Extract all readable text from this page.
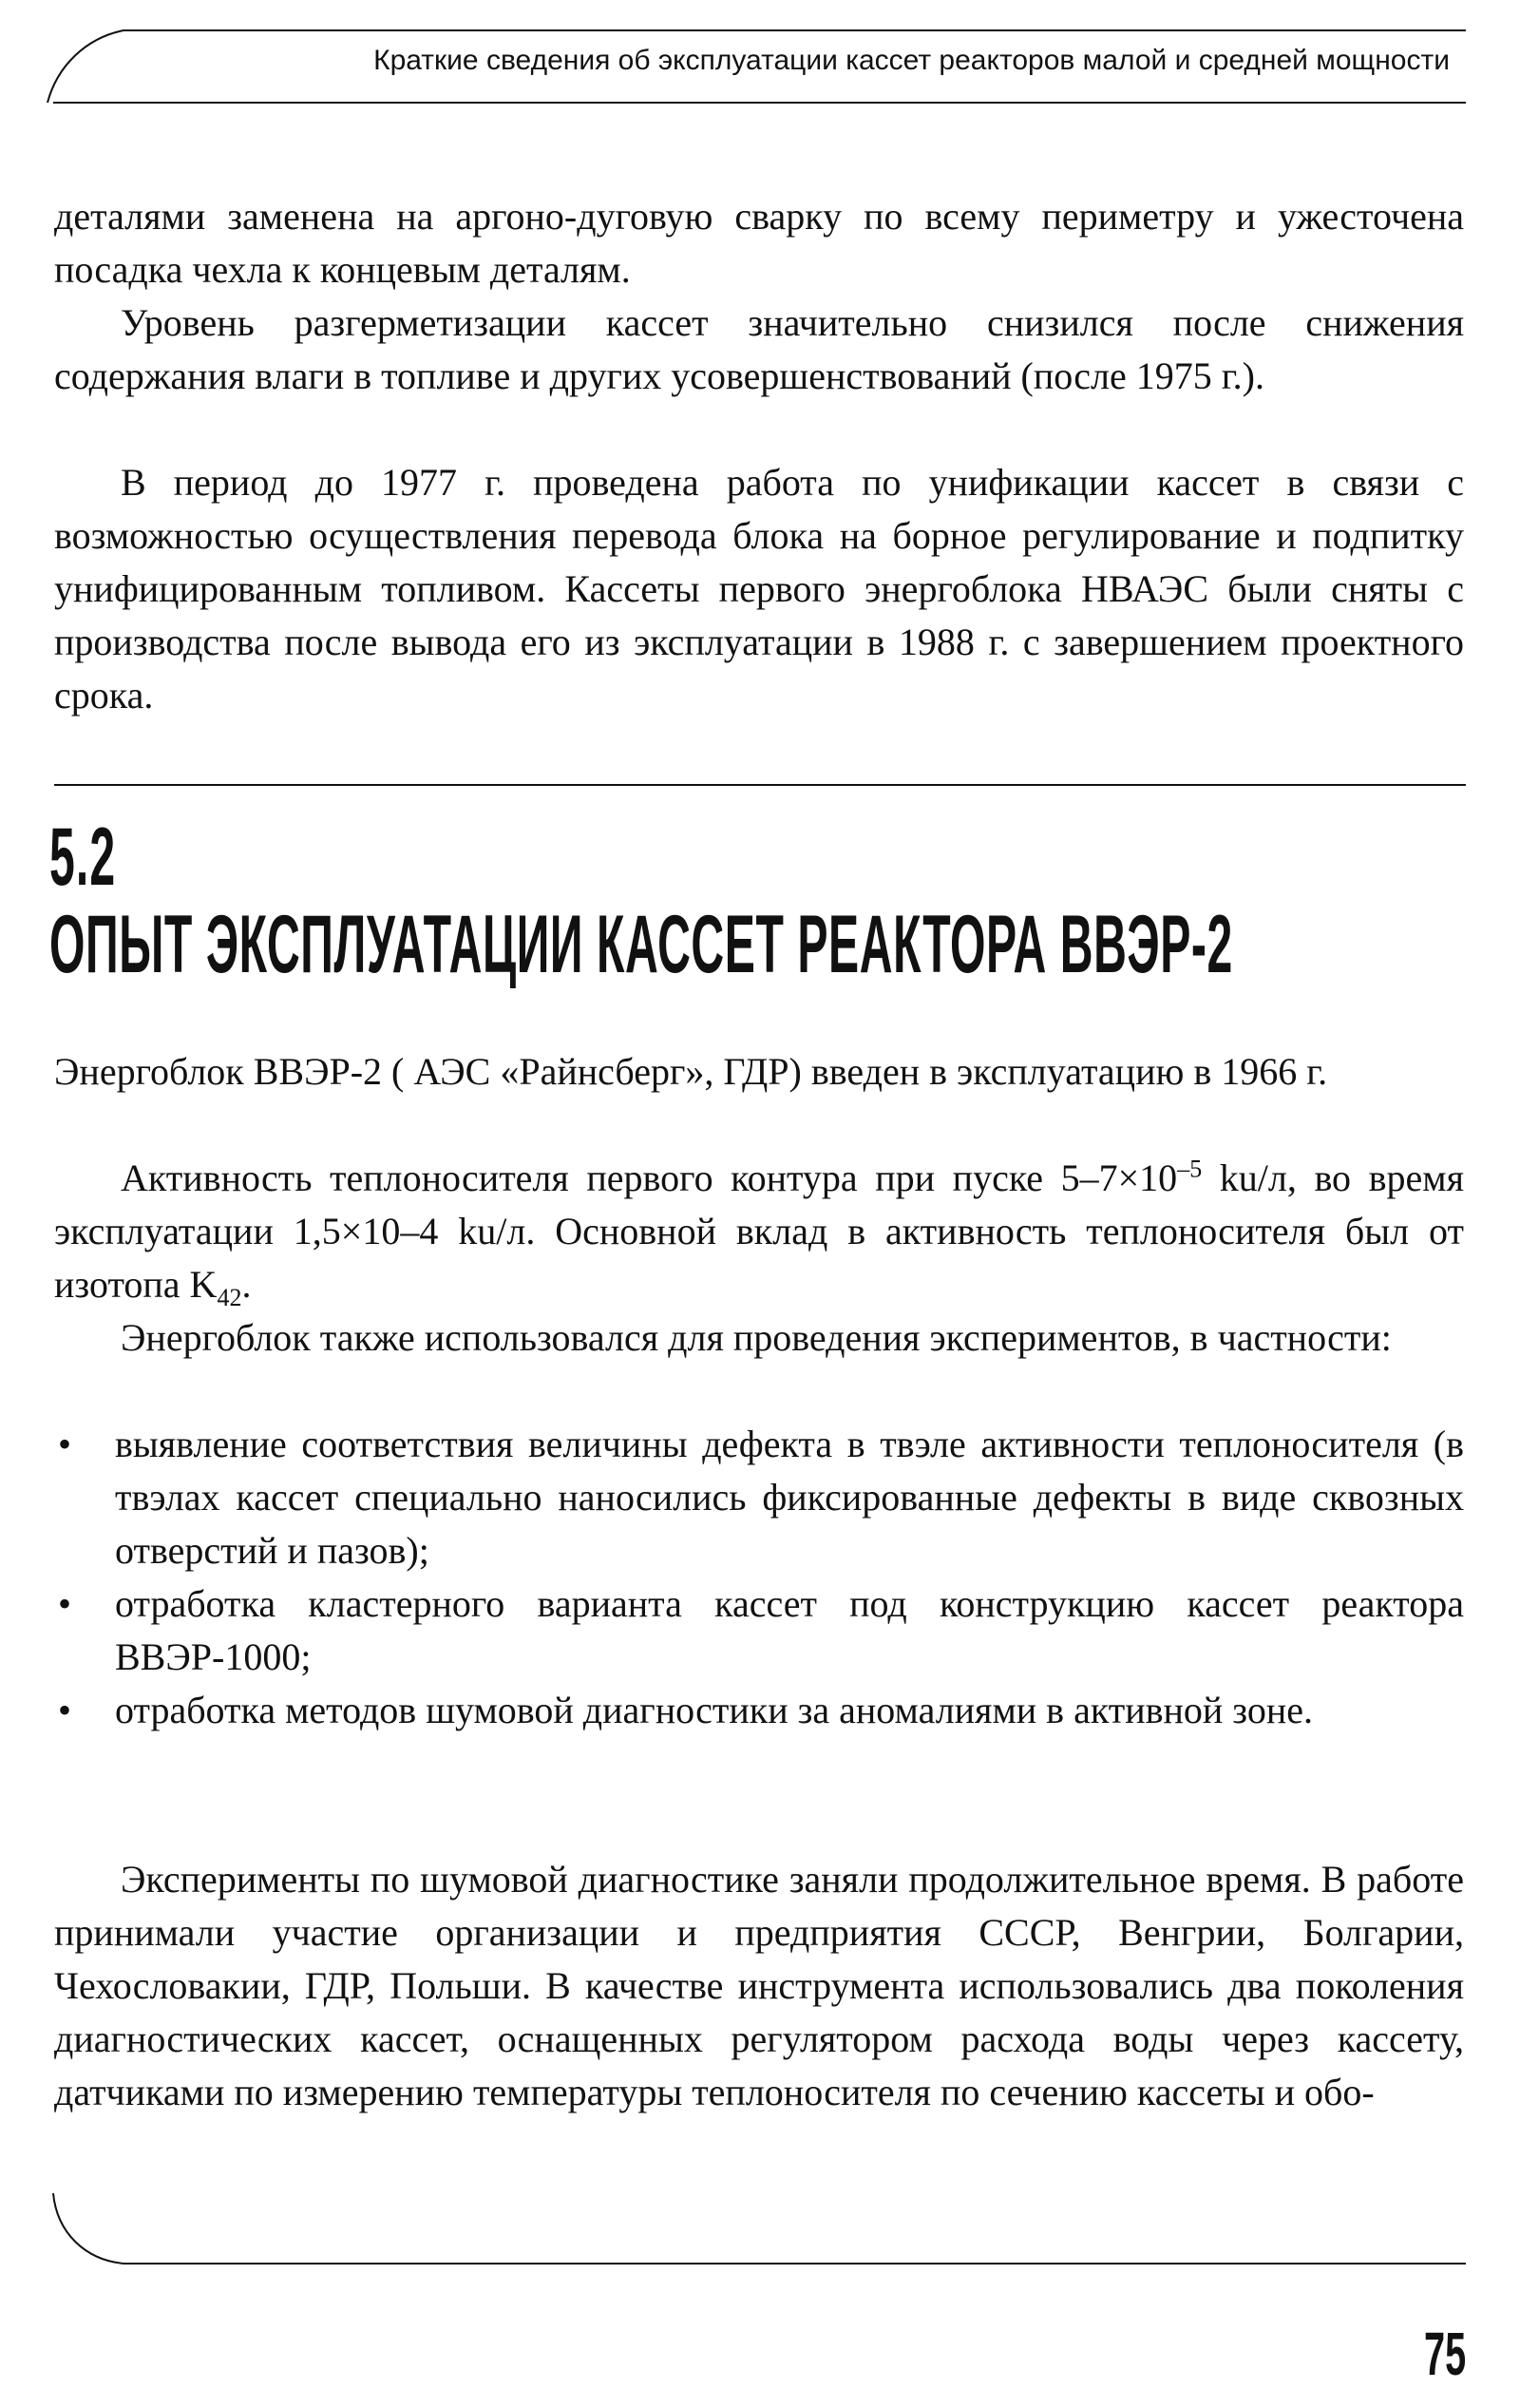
Краткие сведения об эксплуатации кассет реакторов малой и средней мощности

деталями заменена на аргоно-дуговую сварку по всему периметру и ужесточена посадка чехла к концевым деталям.

Уровень разгерметизации кассет значительно снизился после снижения содержания влаги в топливе и других усовершенствований (после 1975 г.).

В период до 1977 г. проведена работа по унификации кассет в связи с возможностью осуществления перевода блока на борное регулирование и подпитку унифицированным топливом. Кассеты первого энергоблока НВАЭС были сняты с производства после вывода его из эксплуатации в 1988 г. с завершением проектного срока.

5.2
ОПЫТ ЭКСПЛУАТАЦИИ КАССЕТ РЕАКТОРА ВВЭР-2

Энергоблок ВВЭР-2 ( АЭС «Райнсберг», ГДР) введен в эксплуатацию в 1966 г.

Активность теплоносителя первого контура при пуске $5-7\times 10^{-5}$ ku/л, во время эксплуатации 1,5×10–4 ku/л. Основной вклад в активность теплоносителя был от изотопа $K_{42}$.

Энергоблок также использовался для проведения экспериментов, в частности:

• выявление соответствия величины дефекта в твэле активности теплоносителя (в твэлах кассет специально наносились фиксированные дефекты в виде сквозных отверстий и пазов);
• отработка кластерного варианта кассет под конструкцию кассет реактора ВВЭР-1000;
• отработка методов шумовой диагностики за аномалиями в активной зоне.

Эксперименты по шумовой диагностике заняли продолжительное время. В работе принимали участие организации и предприятия СССР, Венгрии, Болгарии, Чехословакии, ГДР, Польши. В качестве инструмента использовались два поколения диагностических кассет, оснащенных регулятором расхода воды через кассету, датчиками по измерению температуры теплоносителя по сечению кассеты и обо-

75
